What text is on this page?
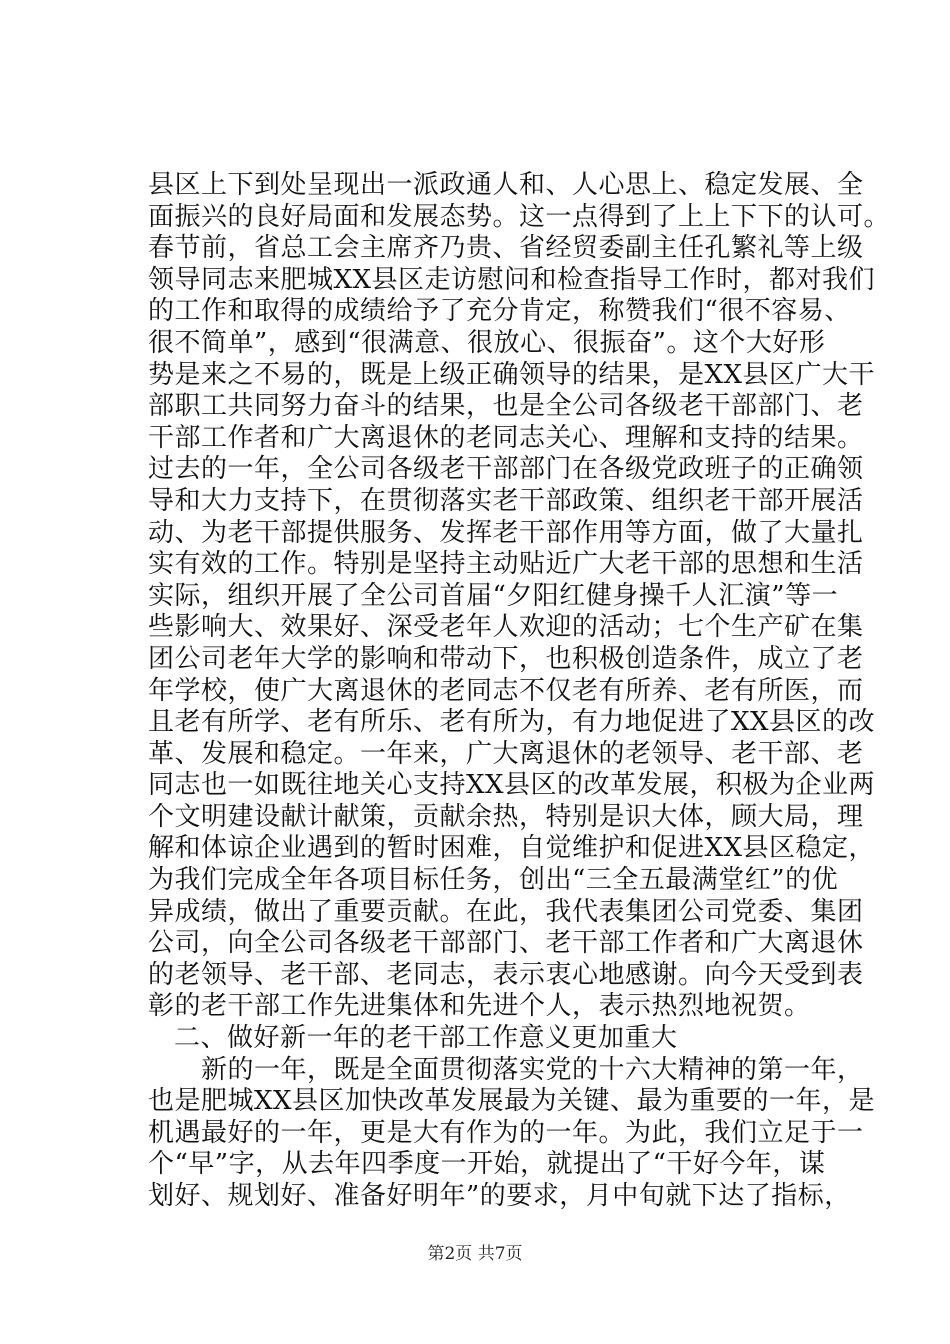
县区上下到处呈现出一派政通人和、人心思上、稳定发展、全
面振兴的良好局面和发展态势。这一点得到了上上下下的认可。
春节前，省总工会主席齐乃贵、省经贸委副主任孔繁礼等上级
领导同志来肥城XX县区走访慰问和检查指导工作时，都对我们
的工作和取得的成绩给予了充分肯定，称赞我们“很不容易、
很不简单”，感到“很满意、很放心、很振奋”。这个大好形
势是来之不易的，既是上级正确领导的结果，是XX县区广大干
部职工共同努力奋斗的结果，也是全公司各级老干部部门、老
干部工作者和广大离退休的老同志关心、理解和支持的结果。
过去的一年，全公司各级老干部部门在各级党政班子的正确领
导和大力支持下，在贯彻落实老干部政策、组织老干部开展活
动、为老干部提供服务、发挥老干部作用等方面，做了大量扎
实有效的工作。特别是坚持主动贴近广大老干部的思想和生活
实际，组织开展了全公司首届“夕阳红健身操千人汇演”等一
些影响大、效果好、深受老年人欢迎的活动；七个生产矿在集
团公司老年大学的影响和带动下，也积极创造条件，成立了老
年学校，使广大离退休的老同志不仅老有所养、老有所医，而
且老有所学、老有所乐、老有所为，有力地促进了XX县区的改
革、发展和稳定。一年来，广大离退休的老领导、老干部、老
同志也一如既往地关心支持XX县区的改革发展，积极为企业两
个文明建设献计献策，贡献余热，特别是识大体，顾大局，理
解和体谅企业遇到的暂时困难，自觉维护和促进XX县区稳定，
为我们完成全年各项目标任务，创出“三全五最满堂红”的优
异成绩，做出了重要贡献。在此，我代表集团公司党委、集团
公司，向全公司各级老干部部门、老干部工作者和广大离退休
的老领导、老干部、老同志，表示衷心地感谢。向今天受到表
彰的老干部工作先进集体和先进个人，表示热烈地祝贺。
二、做好新一年的老干部工作意义更加重大
新的一年，既是全面贯彻落实党的十六大精神的第一年，
也是肥城XX县区加快改革发展最为关键、最为重要的一年，是
机遇最好的一年，更是大有作为的一年。为此，我们立足于一
个“早”字，从去年四季度一开始，就提出了“干好今年，谋
划好、规划好、准备好明年”的要求，月中旬就下达了指标，
第2页 共7页
